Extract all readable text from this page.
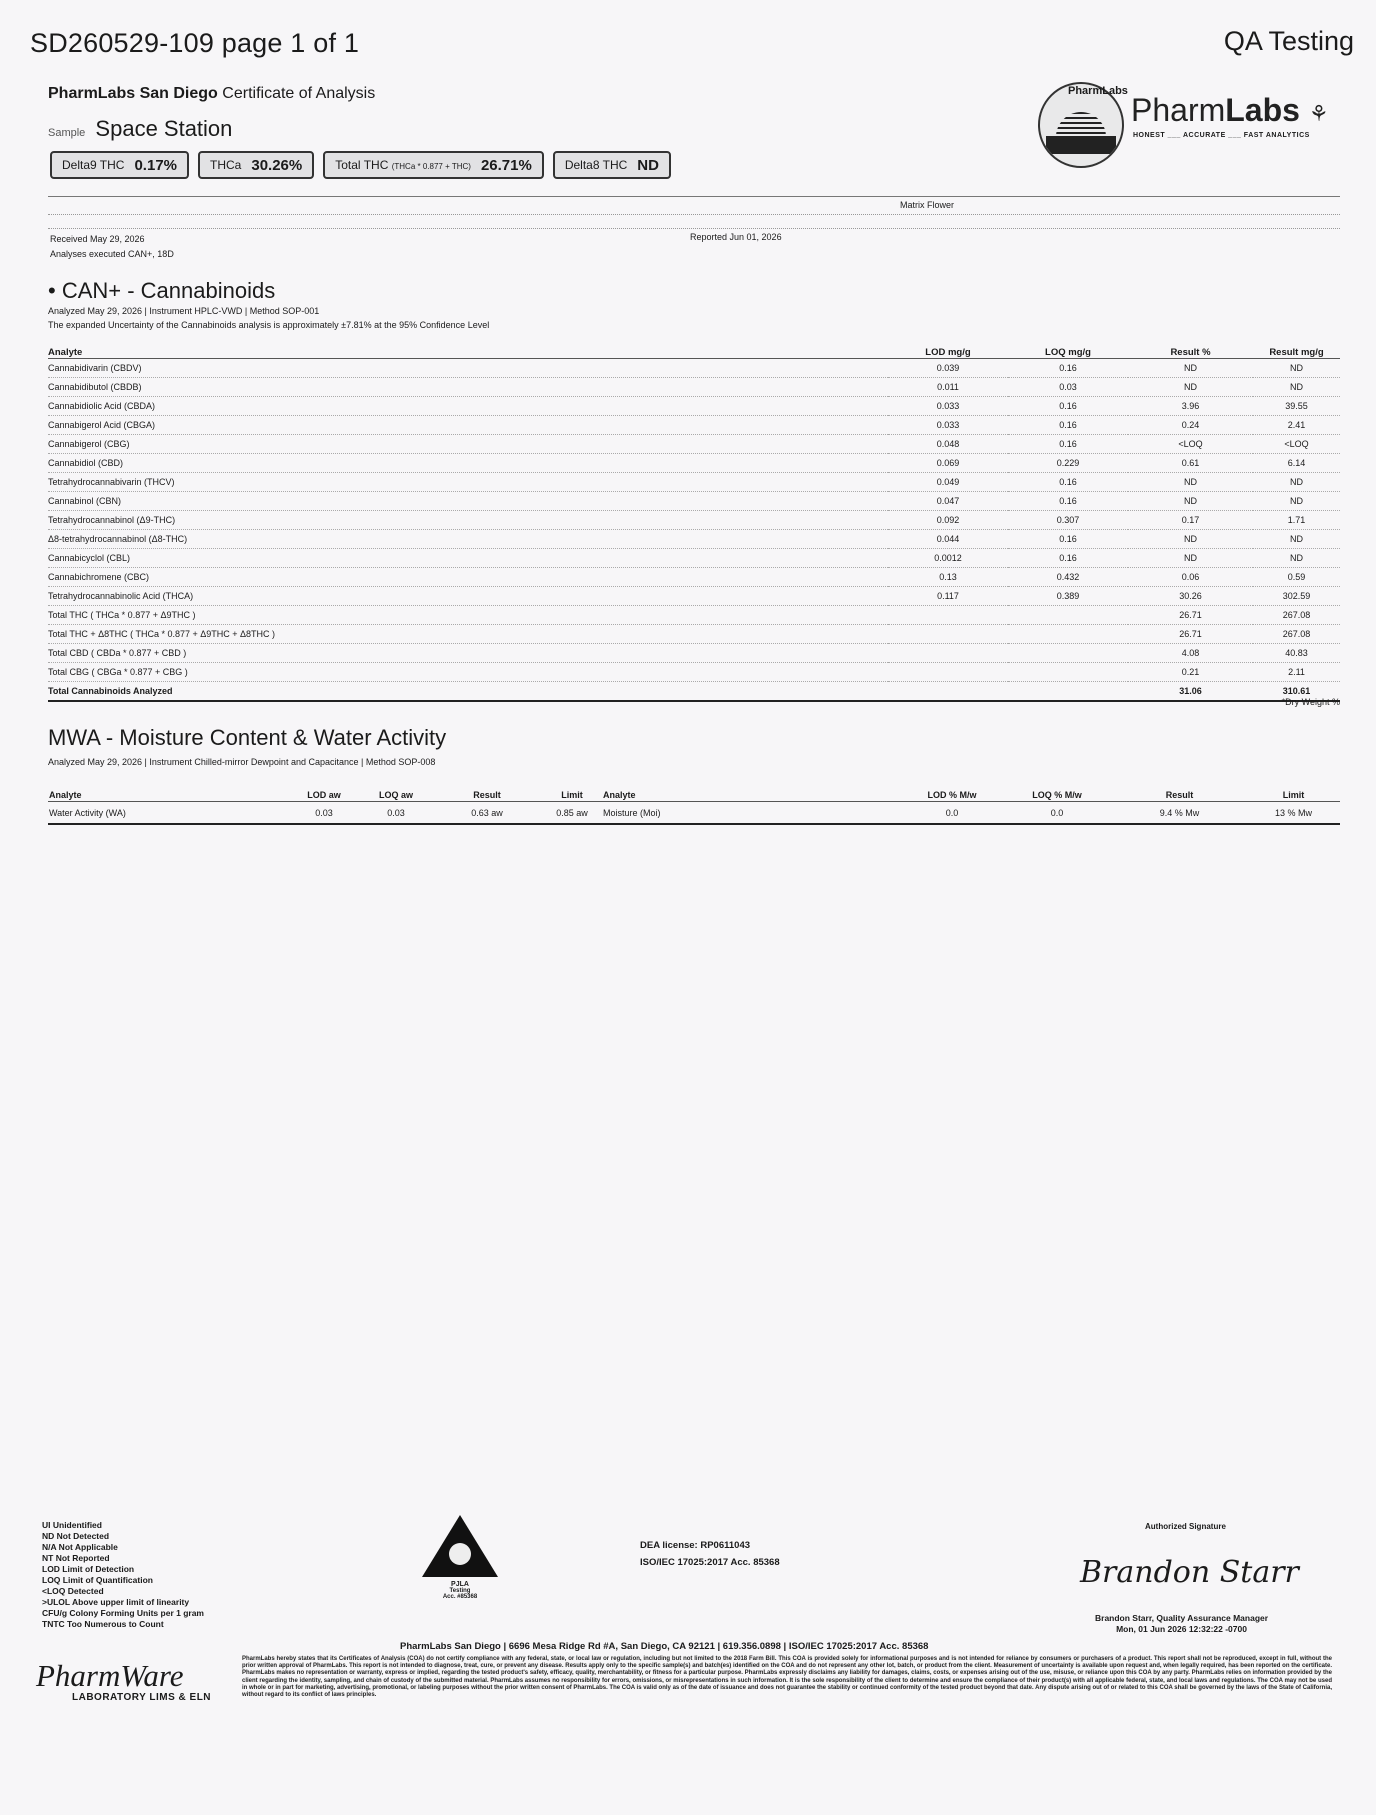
SD260529-109 page 1 of 1	QA Testing
PharmLabs San Diego Certificate of Analysis
Sample Space Station
Delta9 THC 0.17%	THCa 30.26%	Total THC (THCa * 0.877 + THC) 26.71%	Delta8 THC ND
PharmLabs
PharmLabs ⚘
HONEST ___ ACCURATE ___ FAST ANALYTICS
Matrix Flower
Received May 29, 2026	Reported Jun 01, 2026
Analyses executed CAN+, 18D
• CAN+ - Cannabinoids
Analyzed May 29, 2026 | Instrument HPLC-VWD | Method SOP-001
The expanded Uncertainty of the Cannabinoids analysis is approximately ±7.81% at the 95% Confidence Level
Analyte	LOD mg/g	LOQ mg/g	Result %	Result mg/g
Cannabidivarin (CBDV)	0.039	0.16	ND	ND
Cannabidibutol (CBDB)	0.011	0.03	ND	ND
Cannabidiolic Acid (CBDA)	0.033	0.16	3.96	39.55
Cannabigerol Acid (CBGA)	0.033	0.16	0.24	2.41
Cannabigerol (CBG)	0.048	0.16	<LOQ	<LOQ
Cannabidiol (CBD)	0.069	0.229	0.61	6.14
Tetrahydrocannabivarin (THCV)	0.049	0.16	ND	ND
Cannabinol (CBN)	0.047	0.16	ND	ND
Tetrahydrocannabinol (Δ9-THC)	0.092	0.307	0.17	1.71
Δ8-tetrahydrocannabinol (Δ8-THC)	0.044	0.16	ND	ND
Cannabicyclol (CBL)	0.0012	0.16	ND	ND
Cannabichromene (CBC)	0.13	0.432	0.06	0.59
Tetrahydrocannabinolic Acid (THCA)	0.117	0.389	30.26	302.59
Total THC ( THCa * 0.877 + Δ9THC )			26.71	267.08
Total THC + Δ8THC ( THCa * 0.877 + Δ9THC + Δ8THC )			26.71	267.08
Total CBD ( CBDa * 0.877 + CBD )			4.08	40.83
Total CBG ( CBGa * 0.877 + CBG )			0.21	2.11
Total Cannabinoids Analyzed			31.06	310.61
*Dry Weight %
MWA - Moisture Content & Water Activity
Analyzed May 29, 2026 | Instrument Chilled-mirror Dewpoint and Capacitance | Method SOP-008
Analyte	LOD aw	LOQ aw	Result	Limit	Analyte	LOD % M/w	LOQ % M/w	Result	Limit
Water Activity (WA)	0.03	0.03	0.63 aw	0.85 aw	Moisture (Moi)	0.0	0.0	9.4 % Mw	13 % Mw
UI Unidentified
ND Not Detected
N/A Not Applicable
NT Not Reported
LOD Limit of Detection
LOQ Limit of Quantification
<LOQ Detected
>ULOL Above upper limit of linearity
CFU/g Colony Forming Units per 1 gram
TNTC Too Numerous to Count
PJLA
Testing
Acc. #85368
DEA license: RP0611043
ISO/IEC 17025:2017 Acc. 85368
Authorized Signature
Brandon Starr
Brandon Starr, Quality Assurance Manager
Mon, 01 Jun 2026 12:32:22 -0700
PharmLabs San Diego | 6696 Mesa Ridge Rd #A, San Diego, CA 92121 | 619.356.0898 | ISO/IEC 17025:2017 Acc. 85368
PharmLabs hereby states that its Certificates of Analysis (COA) do not certify compliance with any federal, state, or local law or regulation, including but not limited to the 2018 Farm Bill. This COA is provided solely for informational purposes and is not intended for reliance by consumers or purchasers of a product. This report shall not be reproduced, except in full, without the prior written approval of PharmLabs. This report is not intended to diagnose, treat, cure, or prevent any disease. Results apply only to the specific sample(s) and batch(es) identified on the COA and do not represent any other lot, batch, or product from the client. Measurement of uncertainty is available upon request and, when legally required, has been reported on the certificate. PharmLabs makes no representation or warranty, express or implied, regarding the tested product's safety, efficacy, quality, merchantability, or fitness for a particular purpose. PharmLabs expressly disclaims any liability for damages, claims, costs, or expenses arising out of the use, misuse, or reliance upon this COA by any party. PharmLabs relies on information provided by the client regarding the identity, sampling, and chain of custody of the submitted material. PharmLabs assumes no responsibility for errors, omissions, or misrepresentations in such information. It is the sole responsibility of the client to determine and ensure the compliance of their product(s) with all applicable federal, state, and local laws and regulations. The COA may not be used in whole or in part for marketing, advertising, promotional, or labeling purposes without the prior written consent of PharmLabs. The COA is valid only as of the date of issuance and does not guarantee the stability or continued conformity of the tested product beyond that date. Any dispute arising out of or related to this COA shall be governed by the laws of the State of California, without regard to its conflict of laws principles.
PharmWare
LABORATORY LIMS & ELN
